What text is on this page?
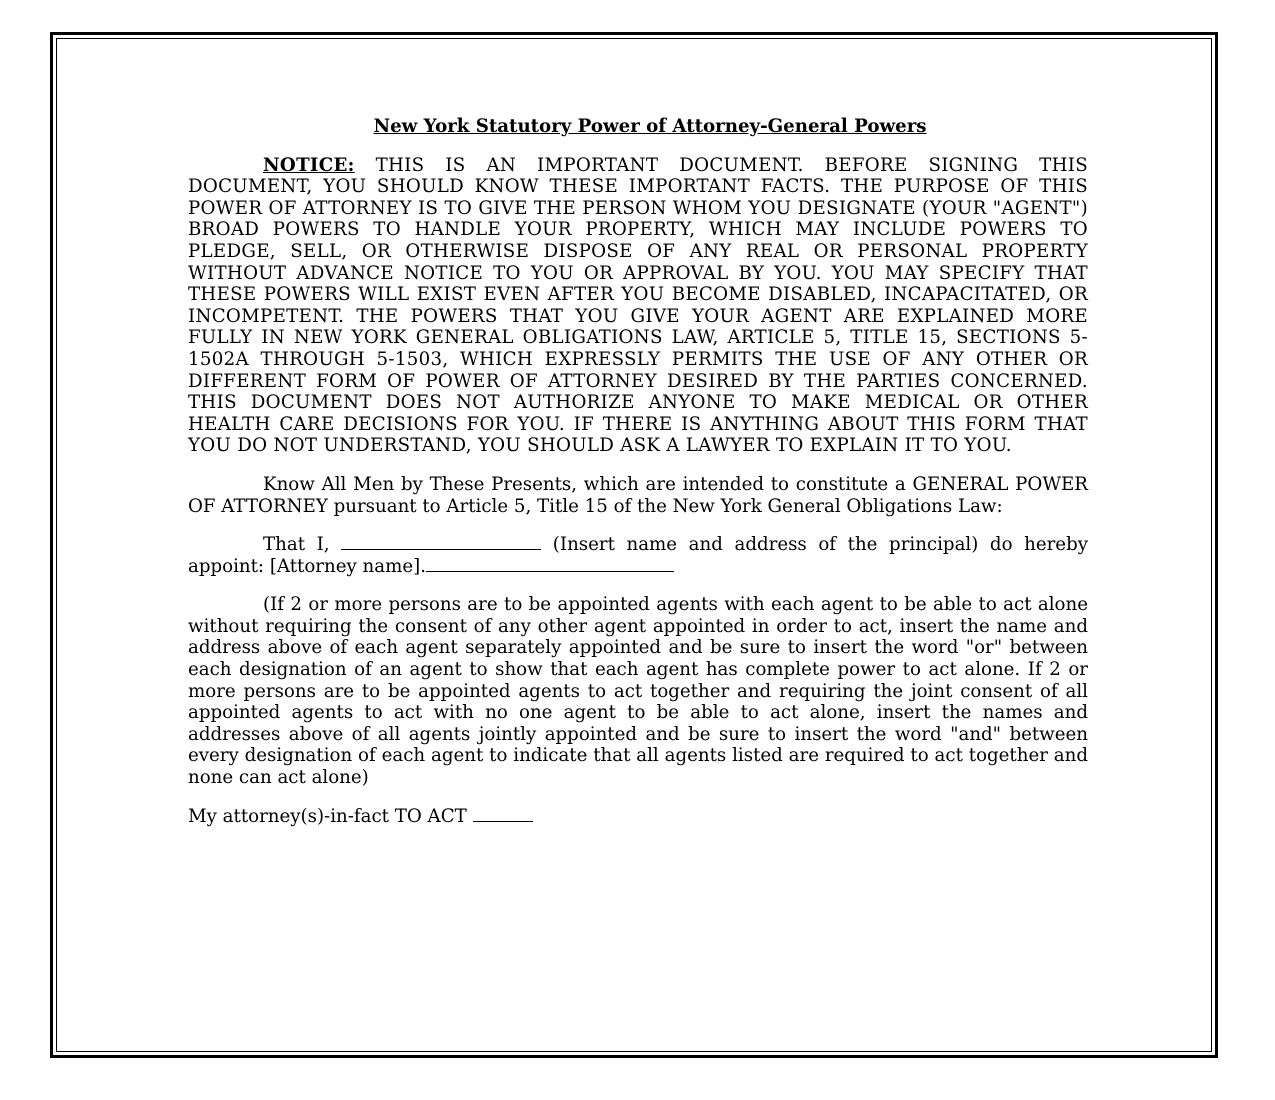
New York Statutory Power of Attorney-General Powers

NOTICE: THIS IS AN IMPORTANT DOCUMENT. BEFORE SIGNING THIS DOCUMENT, YOU SHOULD KNOW THESE IMPORTANT FACTS. THE PURPOSE OF THIS POWER OF ATTORNEY IS TO GIVE THE PERSON WHOM YOU DESIGNATE (YOUR "AGENT") BROAD POWERS TO HANDLE YOUR PROPERTY, WHICH MAY INCLUDE POWERS TO PLEDGE, SELL, OR OTHERWISE DISPOSE OF ANY REAL OR PERSONAL PROPERTY WITHOUT ADVANCE NOTICE TO YOU OR APPROVAL BY YOU. YOU MAY SPECIFY THAT THESE POWERS WILL EXIST EVEN AFTER YOU BECOME DISABLED, INCAPACITATED, OR INCOMPETENT. THE POWERS THAT YOU GIVE YOUR AGENT ARE EXPLAINED MORE FULLY IN NEW YORK GENERAL OBLIGATIONS LAW, ARTICLE 5, TITLE 15, SECTIONS 5-1502A THROUGH 5-1503, WHICH EXPRESSLY PERMITS THE USE OF ANY OTHER OR DIFFERENT FORM OF POWER OF ATTORNEY DESIRED BY THE PARTIES CONCERNED. THIS DOCUMENT DOES NOT AUTHORIZE ANYONE TO MAKE MEDICAL OR OTHER HEALTH CARE DECISIONS FOR YOU. IF THERE IS ANYTHING ABOUT THIS FORM THAT YOU DO NOT UNDERSTAND, YOU SHOULD ASK A LAWYER TO EXPLAIN IT TO YOU.

Know All Men by These Presents, which are intended to constitute a GENERAL POWER OF ATTORNEY pursuant to Article 5, Title 15 of the New York General Obligations Law:

That I,	(Insert name and address of the principal) do hereby appoint: [Attorney name].

(If 2 or more persons are to be appointed agents with each agent to be able to act alone without requiring the consent of any other agent appointed in order to act, insert the name and address above of each agent separately appointed and be sure to insert the word "or" between each designation of an agent to show that each agent has complete power to act alone. If 2 or more persons are to be appointed agents to act together and requiring the joint consent of all appointed agents to act with no one agent to be able to act alone, insert the names and addresses above of all agents jointly appointed and be sure to insert the word "and" between every designation of each agent to indicate that all agents listed are required to act together and none can act alone)

My attorney(s)-in-fact TO ACT
